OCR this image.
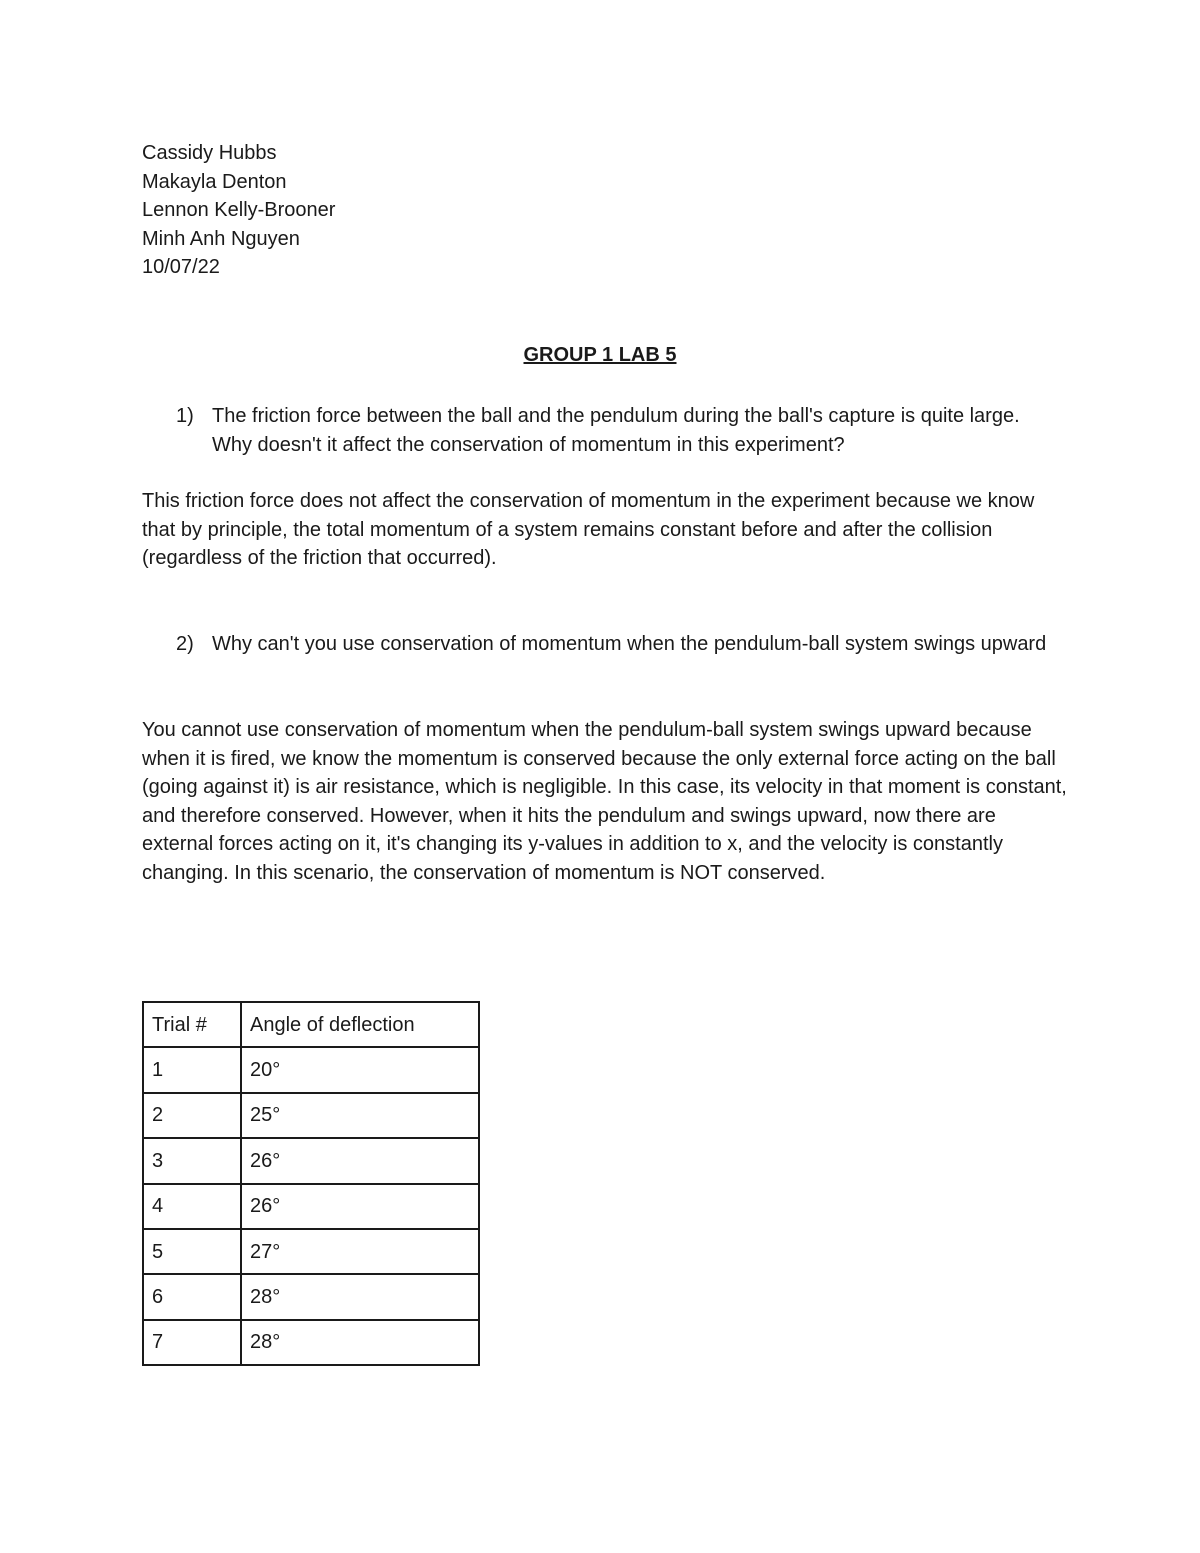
Cassidy Hubbs
Makayla Denton
Lennon Kelly-Brooner
Minh Anh Nguyen
10/07/22
GROUP 1 LAB 5
1) The friction force between the ball and the pendulum during the ball's capture is quite large. Why doesn't it affect the conservation of momentum in this experiment?

This friction force does not affect the conservation of momentum in the experiment because we know that by principle, the total momentum of a system remains constant before and after the collision (regardless of the friction that occurred).

2) Why can't you use conservation of momentum when the pendulum-ball system swings upward

You cannot use conservation of momentum when the pendulum-ball system swings upward because when it is fired, we know the momentum is conserved because the only external force acting on the ball (going against it) is air resistance, which is negligible. In this case, its velocity in that moment is constant, and therefore conserved. However, when it hits the pendulum and swings upward, now there are external forces acting on it, it's changing its y-values in addition to x, and the velocity is constantly changing. In this scenario, the conservation of momentum is NOT conserved.

Trial #	Angle of deflection
1	20°
2	25°
3	26°
4	26°
5	27°
6	28°
7	28°
